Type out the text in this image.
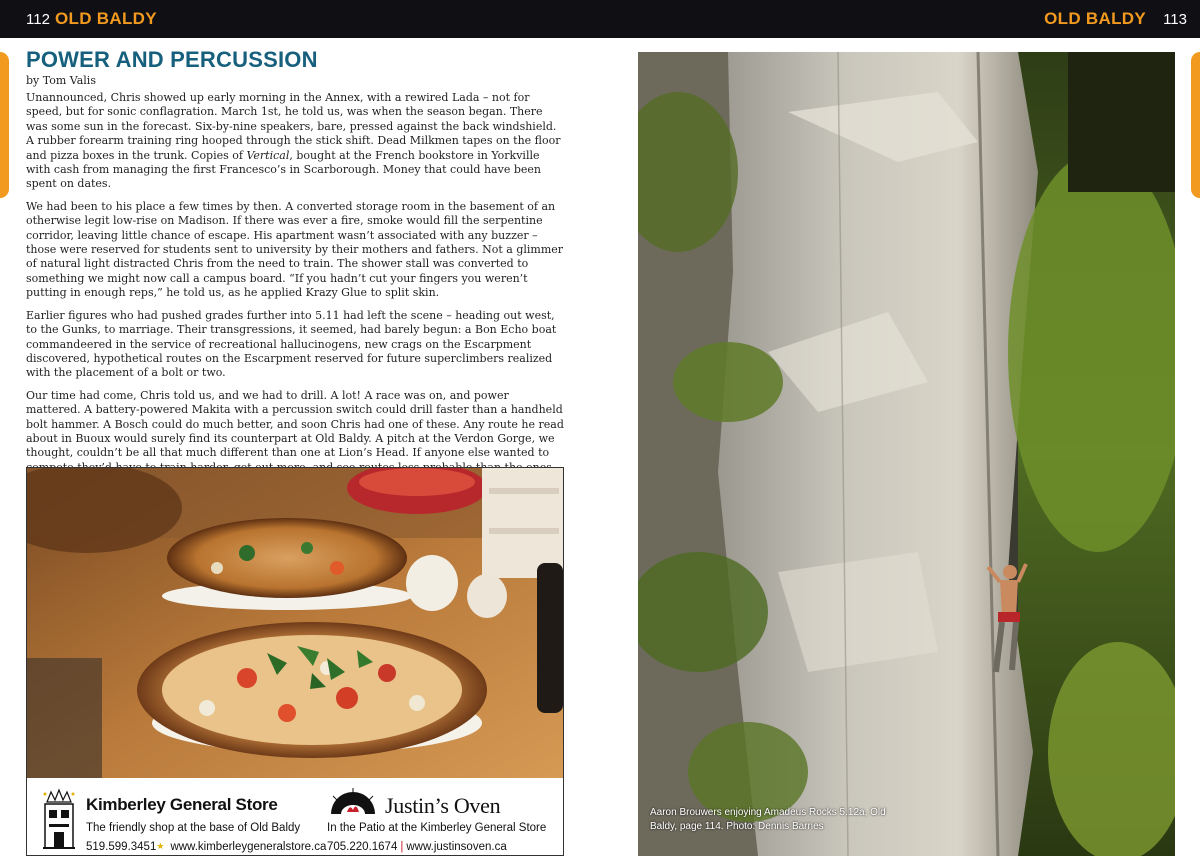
112 OLD BALDY	OLD BALDY 113
POWER AND PERCUSSION
by Tom Valis

Unannounced, Chris showed up early morning in the Annex, with a rewired Lada – not for speed, but for sonic conflagration. March 1st, he told us, was when the season began. There was some sun in the forecast. Six-by-nine speakers, bare, pressed against the back windshield. A rubber forearm training ring hooped through the stick shift. Dead Milkmen tapes on the floor and pizza boxes in the trunk. Copies of Vertical, bought at the French bookstore in Yorkville with cash from managing the first Francesco’s in Scarborough. Money that could have been spent on dates.

We had been to his place a few times by then. A converted storage room in the basement of an otherwise legit low-rise on Madison. If there was ever a fire, smoke would fill the serpentine corridor, leaving little chance of escape. His apartment wasn’t associated with any buzzer – those were reserved for students sent to university by their mothers and fathers. Not a glimmer of natural light distracted Chris from the need to train. The shower stall was converted to something we might now call a campus board. “If you hadn’t cut your fingers you weren’t putting in enough reps,” he told us, as he applied Krazy Glue to split skin.

Earlier figures who had pushed grades further into 5.11 had left the scene – heading out west, to the Gunks, to marriage. Their transgressions, it seemed, had barely begun: a Bon Echo boat commandeered in the service of recreational hallucinogens, new crags on the Escarpment discovered, hypothetical routes on the Escarpment reserved for future superclimbers realized with the placement of a bolt or two.

Our time had come, Chris told us, and we had to drill. A lot! A race was on, and power mattered. A battery-powered Makita with a percussion switch could drill faster than a handheld bolt hammer. A Bosch could do much better, and soon Chris had one of these. Any route he read about in Buoux would surely find its counterpart at Old Baldy. A pitch at the Verdon Gorge, we thought, couldn’t be all that much different than one at Lion’s Head. If anyone else wanted to

Kimberley General Store
The friendly shop at the base of Old Baldy
519.599.3451★ www.kimberleygeneralstore.ca
Justin’s Oven
In the Patio at the Kimberley General Store
705.220.1674 | www.justinsoven.ca
Aaron Brouwers enjoying Amadeus Rocks 5.12a, Old Baldy, page 114. Photo: Dennis Barnes
